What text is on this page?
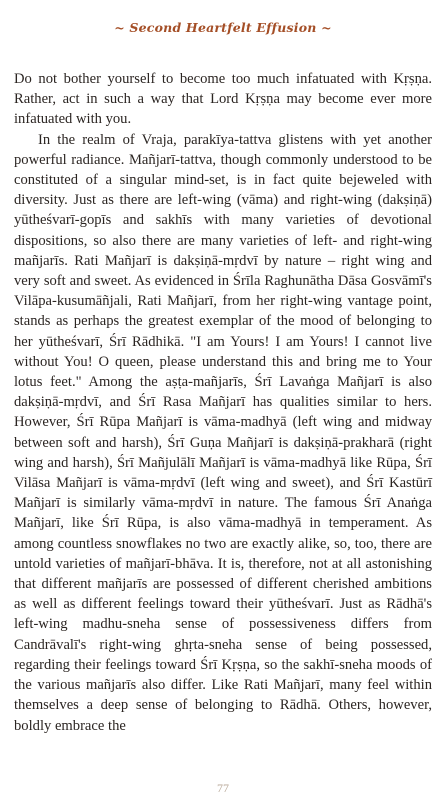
~ Second Heartfelt Effusion ~

Do not bother yourself to become too much infatuated with Kṛṣṇa. Rather, act in such a way that Lord Kṛṣṇa may become ever more infatuated with you.

In the realm of Vraja, parakīya-tattva glistens with yet another powerful radiance. Mañjarī-tattva, though commonly understood to be constituted of a singular mind-set, is in fact quite bejeweled with diversity. Just as there are left-wing (vāma) and right-wing (dakṣiṇā) yūtheśvarī-gopīs and sakhīs with many varieties of devotional dispositions, so also there are many varieties of left- and right-wing mañjarīs. Rati Mañjarī is dakṣiṇā-mṛdvī by nature – right wing and very soft and sweet. As evidenced in Śrīla Raghunātha Dāsa Gosvāmī's Vilāpa-kusumāñjali, Rati Mañjarī, from her right-wing vantage point, stands as perhaps the greatest exemplar of the mood of belonging to her yūtheśvarī, Śrī Rādhikā. "I am Yours! I am Yours! I cannot live without You! O queen, please understand this and bring me to Your lotus feet." Among the aṣṭa-mañjarīs, Śrī Lavaṅga Mañjarī is also dakṣiṇā-mṛdvī, and Śrī Rasa Mañjarī has qualities similar to hers. However, Śrī Rūpa Mañjarī is vāma-madhyā (left wing and midway between soft and harsh), Śrī Guṇa Mañjarī is dakṣiṇā-prakharā (right wing and harsh), Śrī Mañjulālī Mañjarī is vāma-madhyā like Rūpa, Śrī Vilāsa Mañjarī is vāma-mṛdvī (left wing and sweet), and Śrī Kastūrī Mañjarī is similarly vāma-mṛdvī in nature. The famous Śrī Anaṅga Mañjarī, like Śrī Rūpa, is also vāma-madhyā in temperament. As among countless snowflakes no two are exactly alike, so, too, there are untold varieties of mañjarī-bhāva. It is, therefore, not at all astonishing that different mañjarīs are possessed of different cherished ambitions as well as different feelings toward their yūtheśvarī. Just as Rādhā's left-wing madhu-sneha sense of possessiveness differs from Candrāvalī's right-wing ghṛta-sneha sense of being possessed, regarding their feelings toward Śrī Kṛṣṇa, so the sakhī-sneha moods of the various mañjarīs also differ. Like Rati Mañjarī, many feel within themselves a deep sense of belonging to Rādhā. Others, however, boldly embrace the

77
